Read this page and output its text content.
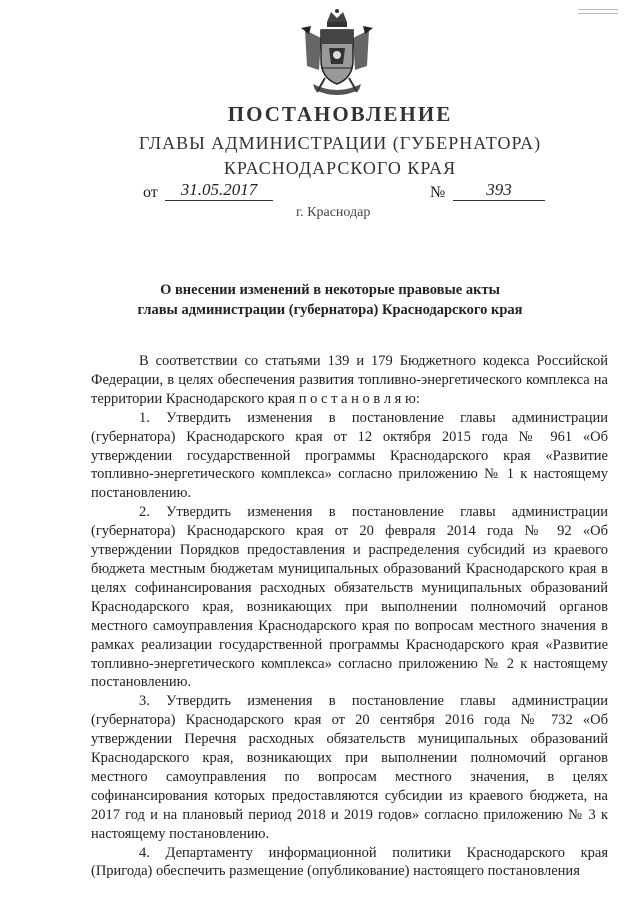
ПОСТАНОВЛЕНИЕ
ГЛАВЫ АДМИНИСТРАЦИИ (ГУБЕРНАТОРА)
КРАСНОДАРСКОГО КРАЯ
от	31.05.2017	№	393
г. Краснодар
О внесении изменений в некоторые правовые акты
главы администрации (губернатора) Краснодарского края

В соответствии со статьями 139 и 179 Бюджетного кодекса Российской Федерации, в целях обеспечения развития топливно-энергетического комплекса на территории Краснодарского края п о с т а н о в л я ю:

1. Утвердить изменения в постановление главы администрации (губернатора) Краснодарского края от 12 октября 2015 года № 961 «Об утверждении государственной программы Краснодарского края «Развитие топливно-энергетического комплекса» согласно приложению № 1 к настоящему постановлению.

2. Утвердить изменения в постановление главы администрации (губернатора) Краснодарского края от 20 февраля 2014 года № 92 «Об утверждении Порядков предоставления и распределения субсидий из краевого бюджета местным бюджетам муниципальных образований Краснодарского края в целях софинансирования расходных обязательств муниципальных образований Краснодарского края, возникающих при выполнении полномочий органов местного самоуправления Краснодарского края по вопросам местного значения в рамках реализации государственной программы Краснодарского края «Развитие топливно-энергетического комплекса» согласно приложению № 2 к настоящему постановлению.

3. Утвердить изменения в постановление главы администрации (губернатора) Краснодарского края от 20 сентября 2016 года № 732 «Об утверждении Перечня расходных обязательств муниципальных образований Краснодарского края, возникающих при выполнении полномочий органов местного самоуправления по вопросам местного значения, в целях софинансирования которых предоставляются субсидии из краевого бюджета, на 2017 год и на плановый период 2018 и 2019 годов» согласно приложению № 3 к настоящему постановлению.

4. Департаменту информационной политики Краснодарского края (Пригода) обеспечить размещение (опубликование) настоящего постановления
